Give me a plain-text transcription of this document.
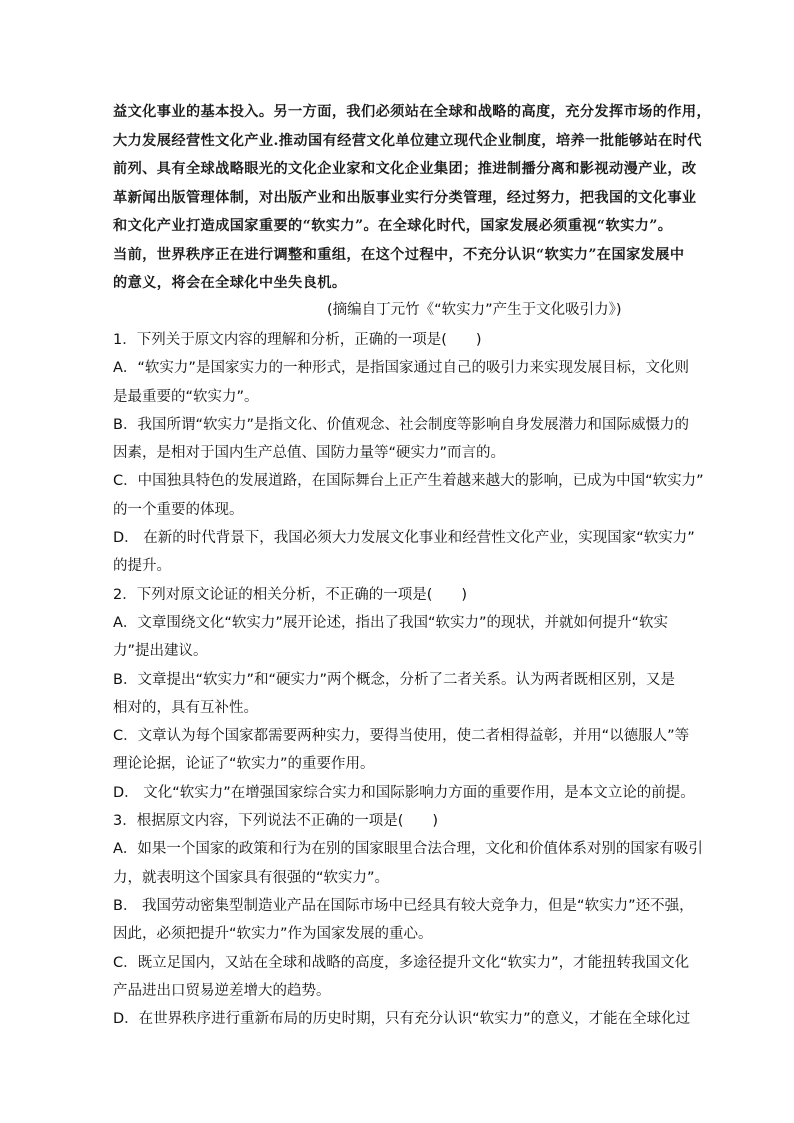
益文化事业的基本投入。另一方面，我们必须站在全球和战略的高度，充分发挥市场的作用，
大力发展经营性文化产业.推动国有经营文化单位建立现代企业制度，培养一批能够站在时代
前列、具有全球战略眼光的文化企业家和文化企业集团；推进制播分离和影视动漫产业，改
革新闻出版管理体制，对出版产业和出版事业实行分类管理，经过努力，把我国的文化事业
和文化产业打造成国家重要的“软实力”。在全球化时代，国家发展必须重视“软实力”。
当前，世界秩序正在进行调整和重组，在这个过程中，不充分认识“软实力”在国家发展中
的意义，将会在全球化中坐失良机。
(摘编自丁元竹《“软实力”产生于文化吸引力》)
1．下列关于原文内容的理解和分析，正确的一项是(　　)
A．“软实力”是国家实力的一种形式，是指国家通过自己的吸引力来实现发展目标，文化则
是最重要的“软实力”。
B．我国所谓“软实力”是指文化、价值观念、社会制度等影响自身发展潜力和国际威慑力的
因素，是相对于国内生产总值、国防力量等“硬实力”而言的。
C．中国独具特色的发展道路，在国际舞台上正产生着越来越大的影响，已成为中国“软实力”
的一个重要的体现。
D． 在新的时代背景下，我国必须大力发展文化事业和经营性文化产业，实现国家“软实力”
的提升。
2．下列对原文论证的相关分析，不正确的一项是(　　)
A．文章围绕文化“软实力”展开论述，指出了我国“软实力”的现状，并就如何提升“软实
力”提出建议。
B．文章提出“软实力”和“硬实力”两个概念，分析了二者关系。认为两者既相区别，又是
相对的，具有互补性。
C．文章认为每个国家都需要两种实力，要得当使用，使二者相得益彰，并用“以德服人”等
理论论据，论证了“软实力”的重要作用。
D． 文化“软实力”在增强国家综合实力和国际影响力方面的重要作用，是本文立论的前提。
3．根据原文内容，下列说法不正确的一项是(　　)
A．如果一个国家的政策和行为在别的国家眼里合法合理，文化和价值体系对别的国家有吸引
力，就表明这个国家具有很强的“软实力”。
B． 我国劳动密集型制造业产品在国际市场中已经具有较大竞争力，但是“软实力”还不强，
因此，必须把提升“软实力”作为国家发展的重心。
C．既立足国内，又站在全球和战略的高度，多途径提升文化“软实力”，才能扭转我国文化
产品进出口贸易逆差增大的趋势。
D．在世界秩序进行重新布局的历史时期，只有充分认识“软实力”的意义，才能在全球化过
